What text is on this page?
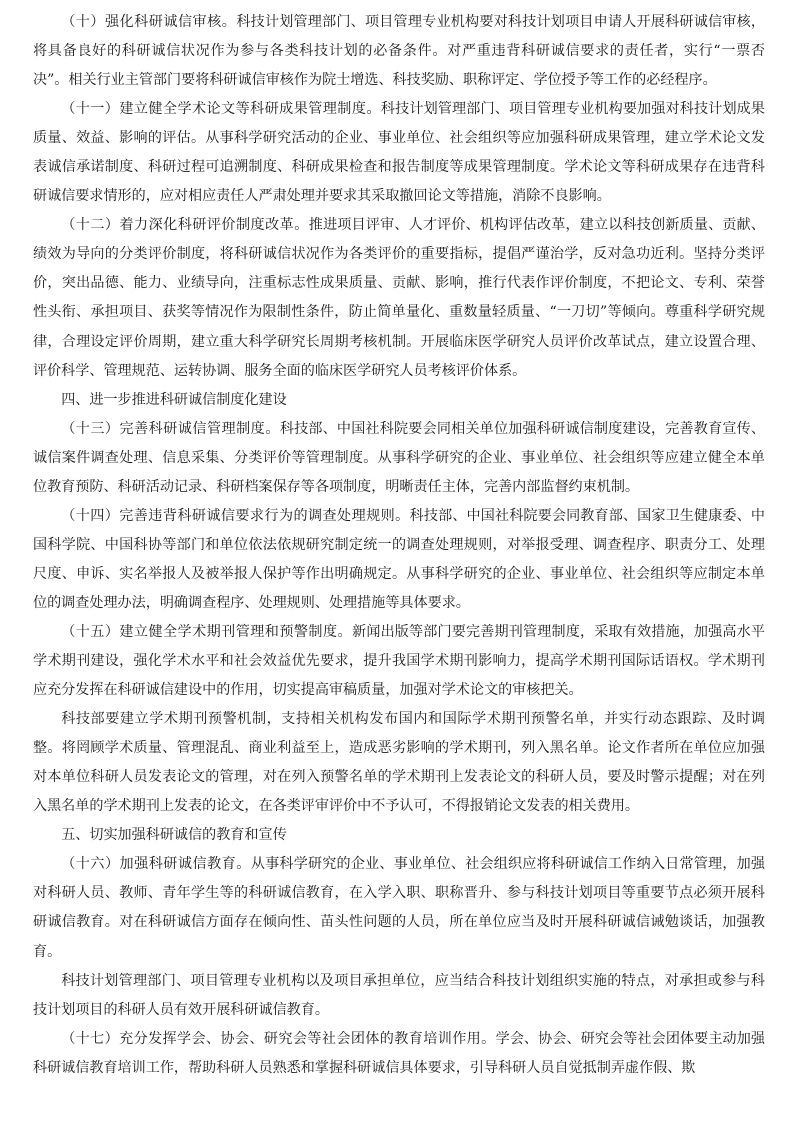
（十）强化科研诚信审核。科技计划管理部门、项目管理专业机构要对科技计划项目申请人开展科研诚信审核，将具备良好的科研诚信状况作为参与各类科技计划的必备条件。对严重违背科研诚信要求的责任者，实行“一票否决”。相关行业主管部门要将科研诚信审核作为院士增选、科技奖励、职称评定、学位授予等工作的必经程序。

（十一）建立健全学术论文等科研成果管理制度。科技计划管理部门、项目管理专业机构要加强对科技计划成果质量、效益、影响的评估。从事科学研究活动的企业、事业单位、社会组织等应加强科研成果管理，建立学术论文发表诚信承诺制度、科研过程可追溯制度、科研成果检查和报告制度等成果管理制度。学术论文等科研成果存在违背科研诚信要求情形的，应对相应责任人严肃处理并要求其采取撤回论文等措施，消除不良影响。

（十二）着力深化科研评价制度改革。推进项目评审、人才评价、机构评估改革，建立以科技创新质量、贡献、绩效为导向的分类评价制度，将科研诚信状况作为各类评价的重要指标，提倡严谨治学，反对急功近利。坚持分类评价，突出品德、能力、业绩导向，注重标志性成果质量、贡献、影响，推行代表作评价制度，不把论文、专利、荣誉性头衔、承担项目、获奖等情况作为限制性条件，防止简单量化、重数量轻质量、“一刀切”等倾向。尊重科学研究规律，合理设定评价周期，建立重大科学研究长周期考核机制。开展临床医学研究人员评价改革试点，建立设置合理、评价科学、管理规范、运转协调、服务全面的临床医学研究人员考核评价体系。

四、进一步推进科研诚信制度化建设

（十三）完善科研诚信管理制度。科技部、中国社科院要会同相关单位加强科研诚信制度建设，完善教育宣传、诚信案件调查处理、信息采集、分类评价等管理制度。从事科学研究的企业、事业单位、社会组织等应建立健全本单位教育预防、科研活动记录、科研档案保存等各项制度，明晰责任主体，完善内部监督约束机制。

（十四）完善违背科研诚信要求行为的调查处理规则。科技部、中国社科院要会同教育部、国家卫生健康委、中国科学院、中国科协等部门和单位依法依规研究制定统一的调查处理规则，对举报受理、调查程序、职责分工、处理尺度、申诉、实名举报人及被举报人保护等作出明确规定。从事科学研究的企业、事业单位、社会组织等应制定本单位的调查处理办法，明确调查程序、处理规则、处理措施等具体要求。

（十五）建立健全学术期刊管理和预警制度。新闻出版等部门要完善期刊管理制度，采取有效措施，加强高水平学术期刊建设，强化学术水平和社会效益优先要求，提升我国学术期刊影响力，提高学术期刊国际话语权。学术期刊应充分发挥在科研诚信建设中的作用，切实提高审稿质量，加强对学术论文的审核把关。

科技部要建立学术期刊预警机制，支持相关机构发布国内和国际学术期刊预警名单，并实行动态跟踪、及时调整。将罔顾学术质量、管理混乱、商业利益至上，造成恶劣影响的学术期刊，列入黑名单。论文作者所在单位应加强对本单位科研人员发表论文的管理，对在列入预警名单的学术期刊上发表论文的科研人员，要及时警示提醒；对在列入黑名单的学术期刊上发表的论文，在各类评审评价中不予认可，不得报销论文发表的相关费用。

五、切实加强科研诚信的教育和宣传

（十六）加强科研诚信教育。从事科学研究的企业、事业单位、社会组织应将科研诚信工作纳入日常管理，加强对科研人员、教师、青年学生等的科研诚信教育，在入学入职、职称晋升、参与科技计划项目等重要节点必须开展科研诚信教育。对在科研诚信方面存在倾向性、苗头性问题的人员，所在单位应当及时开展科研诚信诫勉谈话，加强教育。

科技计划管理部门、项目管理专业机构以及项目承担单位，应当结合科技计划组织实施的特点，对承担或参与科技计划项目的科研人员有效开展科研诚信教育。

（十七）充分发挥学会、协会、研究会等社会团体的教育培训作用。学会、协会、研究会等社会团体要主动加强科研诚信教育培训工作，帮助科研人员熟悉和掌握科研诚信具体要求，引导科研人员自觉抵制弄虚作假、欺
